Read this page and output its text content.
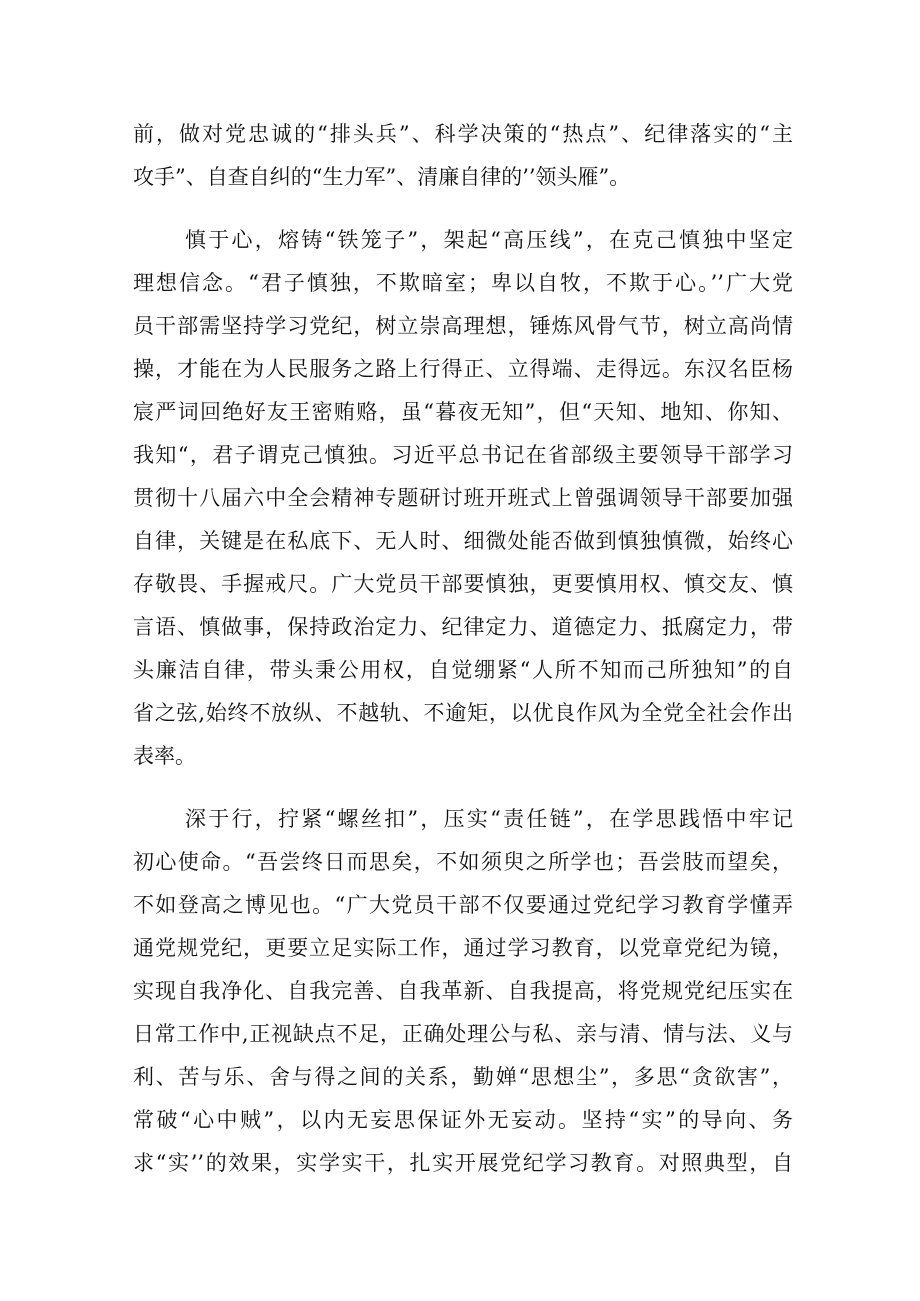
前，做对党忠诚的“排头兵”、科学决策的“热点”、纪律落实的“主
攻手”、自查自纠的“生力军”、清廉自律的’’领头雁”。
慎于心，熔铸“铁笼子”，架起“高压线”，在克己慎独中坚定
理想信念。“君子慎独，不欺暗室；卑以自牧，不欺于心。’’广大党
员干部需坚持学习党纪，树立崇高理想，锤炼风骨气节，树立高尚情
操，才能在为人民服务之路上行得正、立得端、走得远。东汉名臣杨
宸严词回绝好友王密贿赂，虽“暮夜无知”，但“天知、地知、你知、
我知“，君子谓克己慎独。习近平总书记在省部级主要领导干部学习
贯彻十八届六中全会精神专题研讨班开班式上曾强调领导干部要加强
自律，关键是在私底下、无人时、细微处能否做到慎独慎微，始终心
存敬畏、手握戒尺。广大党员干部要慎独，更要慎用权、慎交友、慎
言语、慎做事，保持政治定力、纪律定力、道德定力、抵腐定力，带
头廉洁自律，带头秉公用权，自觉绷紧“人所不知而己所独知”的自
省之弦,始终不放纵、不越轨、不逾矩，以优良作风为全党全社会作出
表率。
深于行，拧紧“螺丝扣”，压实“责任链”，在学思践悟中牢记
初心使命。“吾尝终日而思矣，不如须臾之所学也；吾尝肢而望矣，
不如登高之博见也。“广大党员干部不仅要通过党纪学习教育学懂弄
通党规党纪，更要立足实际工作，通过学习教育，以党章党纪为镜，
实现自我净化、自我完善、自我革新、自我提高，将党规党纪压实在
日常工作中,正视缺点不足，正确处理公与私、亲与清、情与法、义与
利、苦与乐、舍与得之间的关系，勤婵“思想尘”，多思“贪欲害”，
常破“心中贼”，以内无妄思保证外无妄动。坚持“实”的导向、务
求“实’’的效果，实学实干，扎实开展党纪学习教育。对照典型，自
